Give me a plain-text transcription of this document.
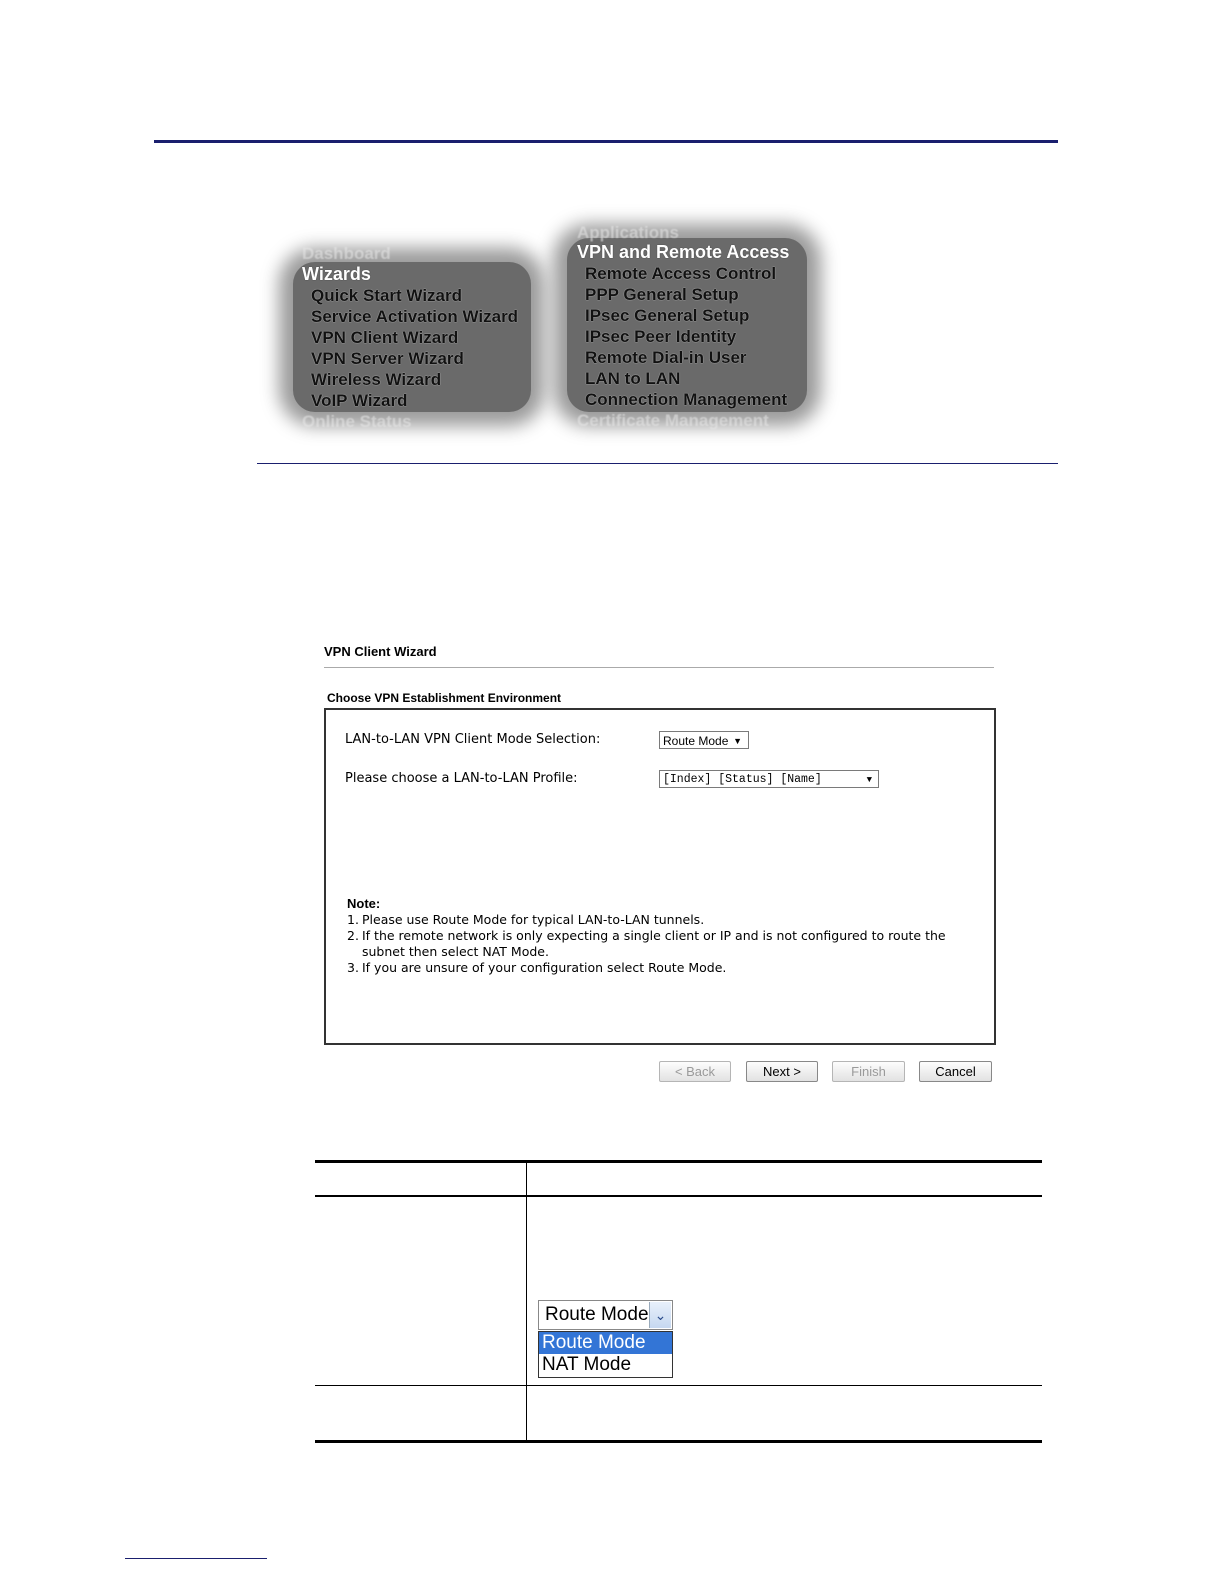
Dashboard
Wizards
Quick Start Wizard
Service Activation Wizard
VPN Client Wizard
VPN Server Wizard
Wireless Wizard
VoIP Wizard
Online Status
Applications
VPN and Remote Access
Remote Access Control
PPP General Setup
IPsec General Setup
IPsec Peer Identity
Remote Dial-in User
LAN to LAN
Connection Management
Certificate Management
VPN Client Wizard
Choose VPN Establishment Environment
LAN-to-LAN VPN Client Mode Selection:	Route Mode ▼
Please choose a LAN-to-LAN Profile:	[Index] [Status] [Name]	▼
Note:
1. Please use Route Mode for typical LAN-to-LAN tunnels.
2. If the remote network is only expecting a single client or IP and is not configured to route the subnet then select NAT Mode.
3. If you are unsure of your configuration select Route Mode.
< Back	Next >	Finish	Cancel
Route Mode ⌄
Route Mode
NAT Mode
